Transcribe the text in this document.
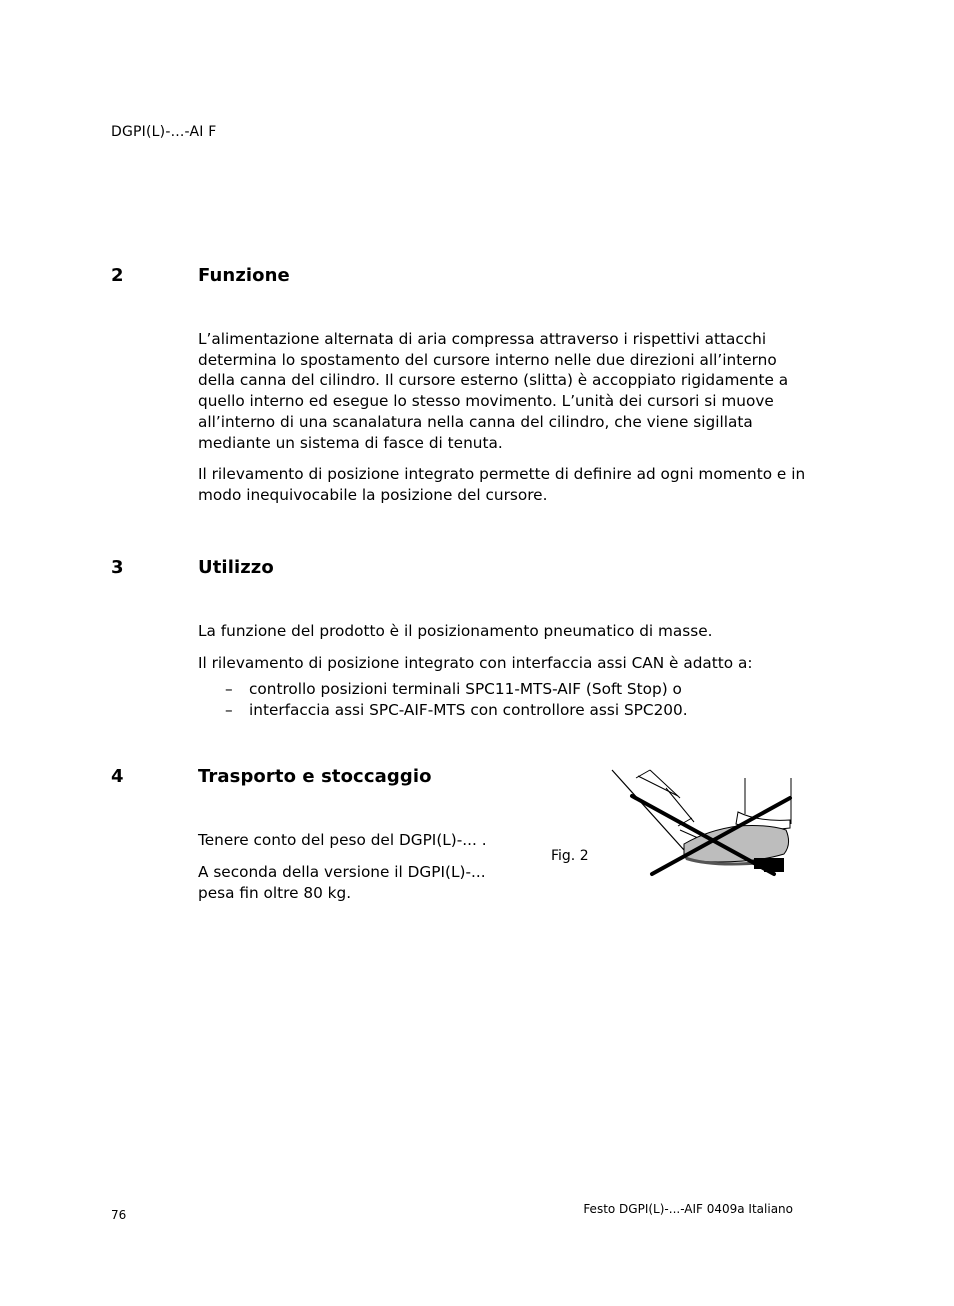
DGPI(L)-...-AI F
2	Funzione

L’alimentazione alternata di aria compressa attraverso i rispettivi attacchi determina lo spostamento del cursore interno nelle due direzioni all’interno della canna del cilindro. Il cursore esterno (slitta) è accoppiato rigidamente a quello interno ed esegue lo stesso movimento. L’unità dei cursori si muove all’interno di una scanalatura nella canna del cilindro, che viene sigillata mediante un sistema di fasce di tenuta.

Il rilevamento di posizione integrato permette di definire ad ogni momento e in modo inequivocabile la posizione del cursore.

3	Utilizzo

La funzione del prodotto è il posizionamento pneumatico di masse.

Il rilevamento di posizione integrato con interfaccia assi CAN è adatto a:

– controllo posizioni terminali SPC11-MTS-AIF (Soft Stop) o
– interfaccia assi SPC-AIF-MTS con controllore assi SPC200.
4	Trasporto e stoccaggio

Tenere conto del peso del DGPI(L)-... .

A seconda della versione il DGPI(L)-... pesa fin oltre 80 kg.

Fig. 2
76	Festo DGPI(L)-...-AIF 0409a Italiano
